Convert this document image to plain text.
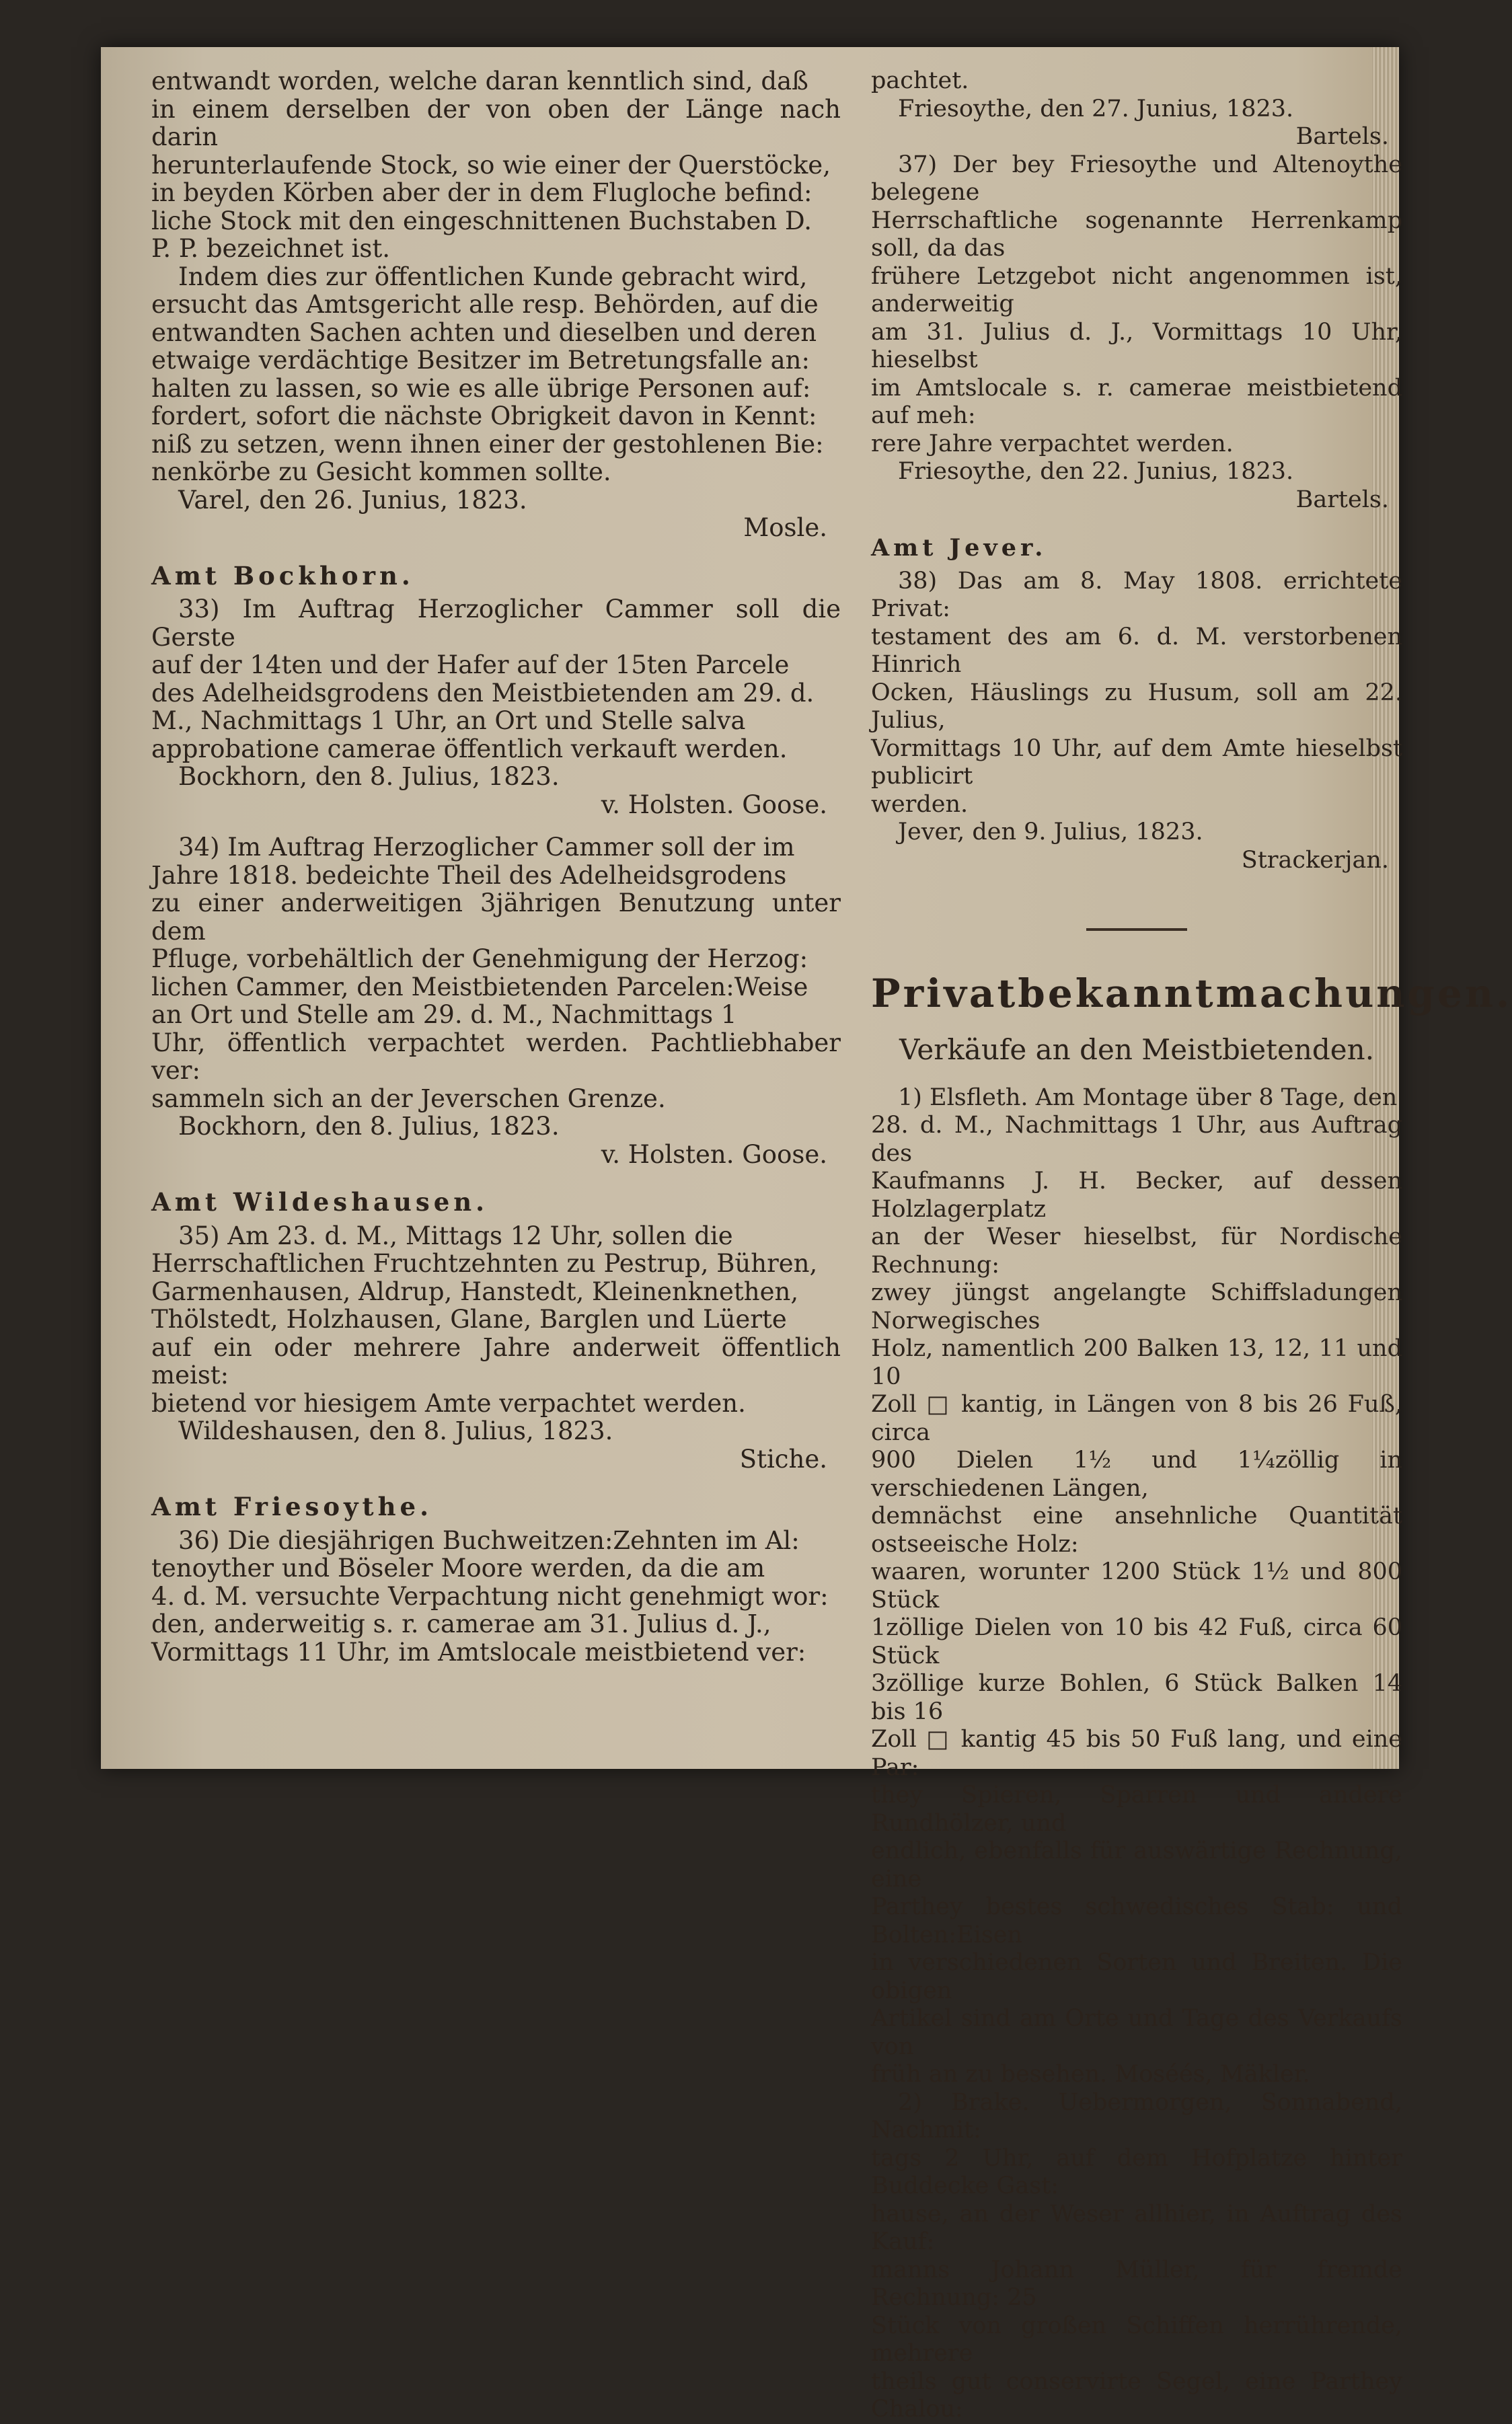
entwandt worden, welche daran kenntlich sind, daß

in einem derselben der von oben der Länge nach darin

herunterlaufende Stock, so wie einer der Querstöcke,

in beyden Körben aber der in dem Flugloche befind:

liche Stock mit den eingeschnittenen Buchstaben D.

P. P. bezeichnet ist.

Indem dies zur öffentlichen Kunde gebracht wird,

ersucht das Amtsgericht alle resp. Behörden, auf die

entwandten Sachen achten und dieselben und deren

etwaige verdächtige Besitzer im Betretungsfalle an:

halten zu lassen, so wie es alle übrige Personen auf:

fordert, sofort die nächste Obrigkeit davon in Kennt:

niß zu setzen, wenn ihnen einer der gestohlenen Bie:

nenkörbe zu Gesicht kommen sollte.

Varel, den 26. Junius, 1823.

Mosle.

Amt Bockhorn.

33) Im Auftrag Herzoglicher Cammer soll die Gerste

auf der 14ten und der Hafer auf der 15ten Parcele

des Adelheidsgrodens den Meistbietenden am 29. d.

M., Nachmittags 1 Uhr, an Ort und Stelle salva

approbatione camerae öffentlich verkauft werden.

Bockhorn, den 8. Julius, 1823.

v. Holsten. Goose.

34) Im Auftrag Herzoglicher Cammer soll der im

Jahre 1818. bedeichte Theil des Adelheidsgrodens

zu einer anderweitigen 3jährigen Benutzung unter dem

Pfluge, vorbehältlich der Genehmigung der Herzog:

lichen Cammer, den Meistbietenden Parcelen:Weise

an Ort und Stelle am 29. d. M., Nachmittags 1

Uhr, öffentlich verpachtet werden. Pachtliebhaber ver:

sammeln sich an der Jeverschen Grenze.

Bockhorn, den 8. Julius, 1823.

v. Holsten. Goose.

Amt Wildeshausen.

35) Am 23. d. M., Mittags 12 Uhr, sollen die

Herrschaftlichen Fruchtzehnten zu Pestrup, Bühren,

Garmenhausen, Aldrup, Hanstedt, Kleinenknethen,

Thölstedt, Holzhausen, Glane, Barglen und Lüerte

auf ein oder mehrere Jahre anderweit öffentlich meist:

bietend vor hiesigem Amte verpachtet werden.

Wildeshausen, den 8. Julius, 1823.

Stiche.

Amt Friesoythe.

36) Die diesjährigen Buchweitzen:Zehnten im Al:

tenoyther und Böseler Moore werden, da die am

4. d. M. versuchte Verpachtung nicht genehmigt wor:

den, anderweitig s. r. camerae am 31. Julius d. J.,

Vormittags 11 Uhr, im Amtslocale meistbietend ver:

pachtet.

Friesoythe, den 27. Junius, 1823.

Bartels.

37) Der bey Friesoythe und Altenoythe belegene

Herrschaftliche sogenannte Herrenkamp soll, da das

frühere Letzgebot nicht angenommen ist, anderweitig

am 31. Julius d. J., Vormittags 10 Uhr, hieselbst

im Amtslocale s. r. camerae meistbietend auf meh:

rere Jahre verpachtet werden.

Friesoythe, den 22. Junius, 1823.

Bartels.

Amt Jever.

38) Das am 8. May 1808. errichtete Privat:

testament des am 6. d. M. verstorbenen Hinrich

Ocken, Häuslings zu Husum, soll am 22. Julius,

Vormittags 10 Uhr, auf dem Amte hieselbst publicirt

werden.

Jever, den 9. Julius, 1823.

Strackerjan.

Privatbekanntmachungen.

Verkäufe an den Meistbietenden.

1) Elsfleth. Am Montage über 8 Tage, den

28. d. M., Nachmittags 1 Uhr, aus Auftrag des

Kaufmanns J. H. Becker, auf dessen Holzlagerplatz

an der Weser hieselbst, für Nordische Rechnung:

zwey jüngst angelangte Schiffsladungen Norwegisches

Holz, namentlich 200 Balken 13, 12, 11 und 10

Zoll □ kantig, in Längen von 8 bis 26 Fuß, circa

900 Dielen 1½ und 1¼zöllig in verschiedenen Längen,

demnächst eine ansehnliche Quantität ostseeische Holz:

waaren, worunter 1200 Stück 1½ und 800 Stück

1zöllige Dielen von 10 bis 42 Fuß, circa 60 Stück

3zöllige kurze Bohlen, 6 Stück Balken 14 bis 16

Zoll □ kantig 45 bis 50 Fuß lang, und eine Par:

they Spieren, Sparren und andere Rundhölzer, und

endlich, ebenfalls für auswärtige Rechnung, eine

Parthey bestes schwedisches Stab: und Bolten:Eisen

in verschiedenen Sorten und Breiten. Die obigen

Artikel sind am Orte und Tage des Verkaufs von

früh an zu besehen. Moséés, Mäkler.

2) Brake. Uebermorgen, Sonnabend, Nachmit:

tags 2 Uhr, auf dem Hofplatze hinter Buddecke Gast:

hause, an der Weser allhier, in Auftrag des Kauf:

manns Johann Müller, für fremde Rechnung: 25

Stück von großen Schiffen herrührende, mehrere

theils gut conservirte Segel, eine Parthey Chalou:
